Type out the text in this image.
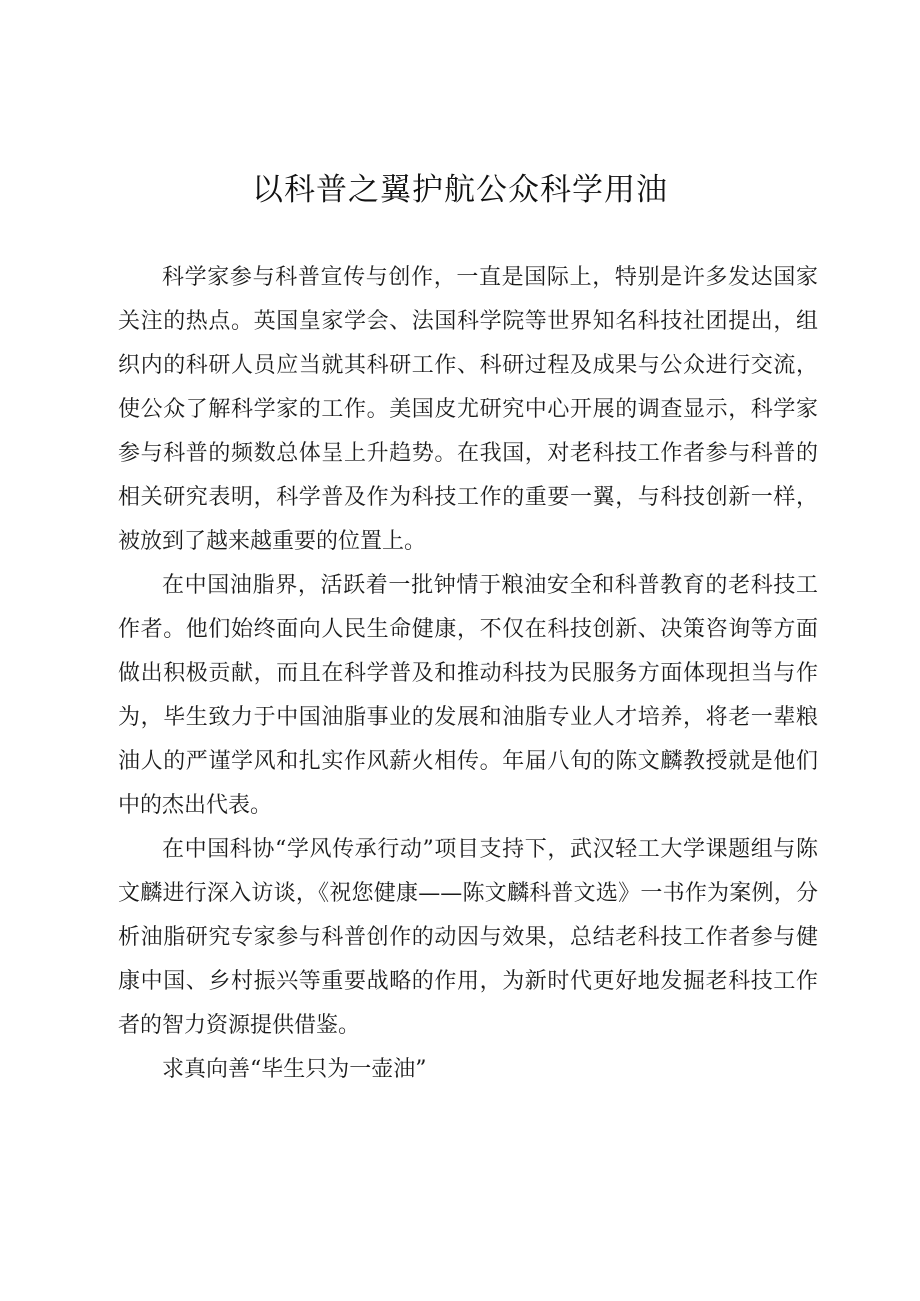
以科普之翼护航公众科学用油

科学家参与科普宣传与创作，一直是国际上，特别是许多发达国家关注的热点。英国皇家学会、法国科学院等世界知名科技社团提出，组织内的科研人员应当就其科研工作、科研过程及成果与公众进行交流，使公众了解科学家的工作。美国皮尤研究中心开展的调查显示，科学家参与科普的频数总体呈上升趋势。在我国，对老科技工作者参与科普的相关研究表明，科学普及作为科技工作的重要一翼，与科技创新一样，被放到了越来越重要的位置上。

在中国油脂界，活跃着一批钟情于粮油安全和科普教育的老科技工作者。他们始终面向人民生命健康，不仅在科技创新、决策咨询等方面做出积极贡献，而且在科学普及和推动科技为民服务方面体现担当与作为，毕生致力于中国油脂事业的发展和油脂专业人才培养，将老一辈粮油人的严谨学风和扎实作风薪火相传。年届八旬的陈文麟教授就是他们中的杰出代表。

在中国科协“学风传承行动”项目支持下，武汉轻工大学课题组与陈文麟进行深入访谈，《祝您健康——陈文麟科普文选》一书作为案例，分析油脂研究专家参与科普创作的动因与效果，总结老科技工作者参与健康中国、乡村振兴等重要战略的作用，为新时代更好地发掘老科技工作者的智力资源提供借鉴。

求真向善“毕生只为一壶油”
